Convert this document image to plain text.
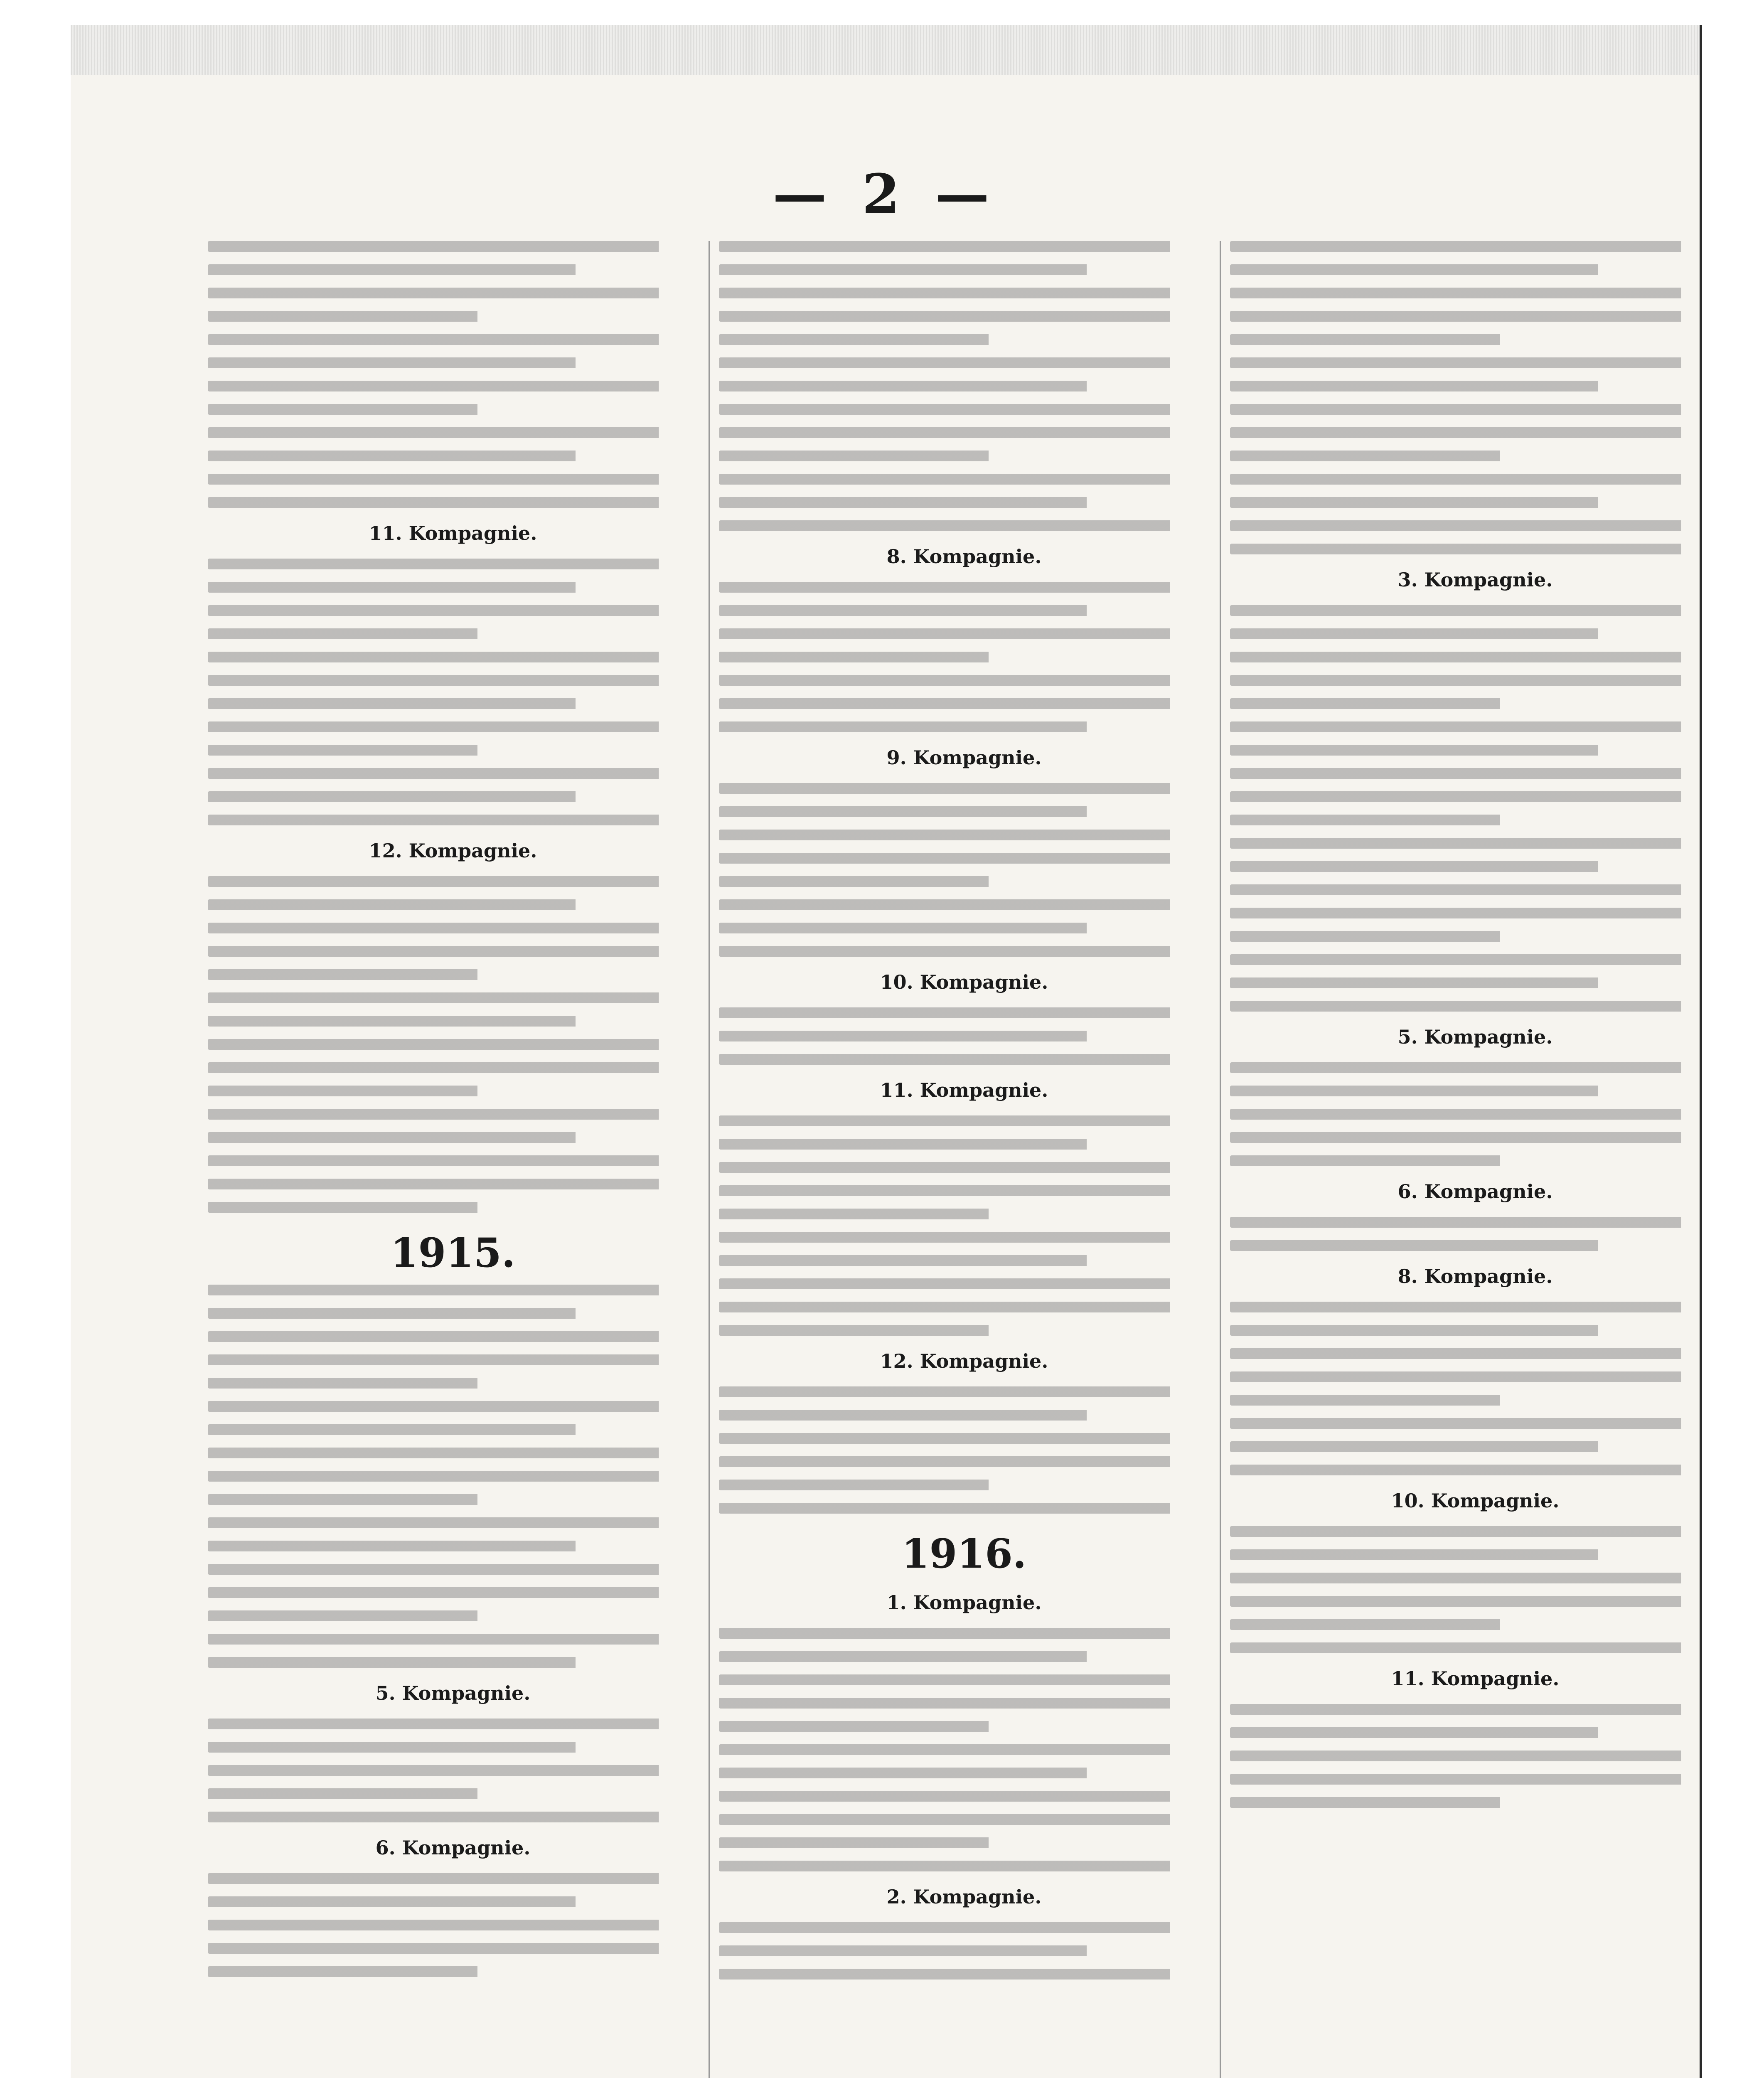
— 2 —
11. Kompagnie.
12. Kompagnie.
1915.
5. Kompagnie.
6. Kompagnie.
8. Kompagnie.
9. Kompagnie.
10. Kompagnie.
11. Kompagnie.
12. Kompagnie.
1916.
1. Kompagnie.
2. Kompagnie.
3. Kompagnie.
5. Kompagnie.
6. Kompagnie.
8. Kompagnie.
10. Kompagnie.
11. Kompagnie.
